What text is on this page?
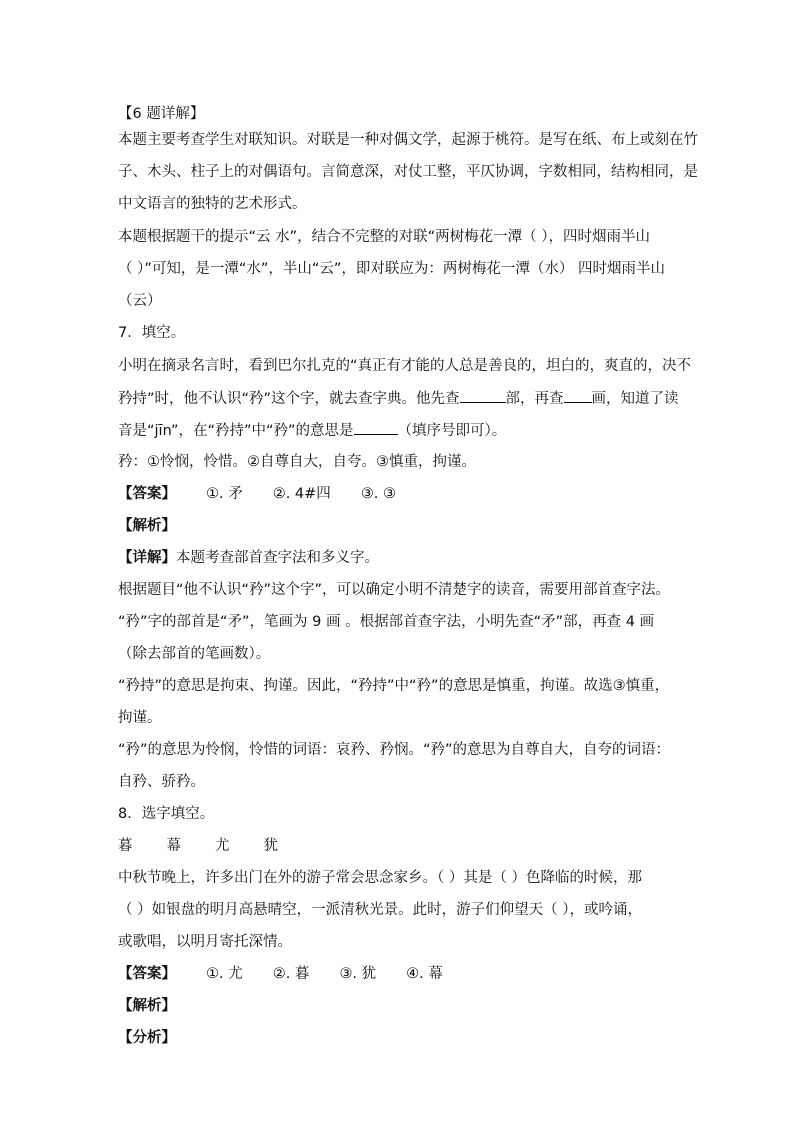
【6 题详解】
本题主要考查学生对联知识。对联是一种对偶文学，起源于桃符。是写在纸、布上或刻在竹
子、木头、柱子上的对偶语句。言简意深，对仗工整，平仄协调，字数相同，结构相同，是
中文语言的独特的艺术形式。
本题根据题干的提示“云 水”，结合不完整的对联“两树梅花一潭（ ），四时烟雨半山
（ ）”可知，是一潭“水”，半山“云”，即对联应为：两树梅花一潭（水） 四时烟雨半山
（云）
7．填空。
小明在摘录名言时，看到巴尔扎克的“真正有才能的人总是善良的，坦白的，爽直的，决不
矜持”时，他不认识“矜”这个字，就去查字典。他先查	部，再查 画，知道了读
音是“jīn”，在“矜持”中“矜”的意思是	（填序号即可）。
矜：①怜悯，怜惜。②自尊自大，自夸。③慎重，拘谨。
【答案】 ①. 矛 ②. 4#四 ③. ③
【解析】
【详解】本题考查部首查字法和多义字。
根据题目“他不认识“矜”这个字”，可以确定小明不清楚字的读音，需要用部首查字法。
“矜”字的部首是“矛”，笔画为 9 画 。根据部首查字法，小明先查“矛”部，再查 4 画
（除去部首的笔画数）。
“矜持”的意思是拘束、拘谨。因此，“矜持”中“矜”的意思是慎重，拘谨。故选③慎重，
拘谨。
“矜”的意思为怜悯，怜惜的词语：哀矜、矜悯。“矜”的意思为自尊自大，自夸的词语：
自矜、骄矜。
8．选字填空。
暮 幕 尤 犹
中秋节晚上，许多出门在外的游子常会思念家乡。（ ）其是（ ）色降临的时候，那
（ ）如银盘的明月高悬晴空，一派清秋光景。此时，游子们仰望天（ ），或吟诵，
或歌唱，以明月寄托深情。
【答案】 ①. 尤 ②. 暮 ③. 犹 ④. 幕
【解析】
【分析】
